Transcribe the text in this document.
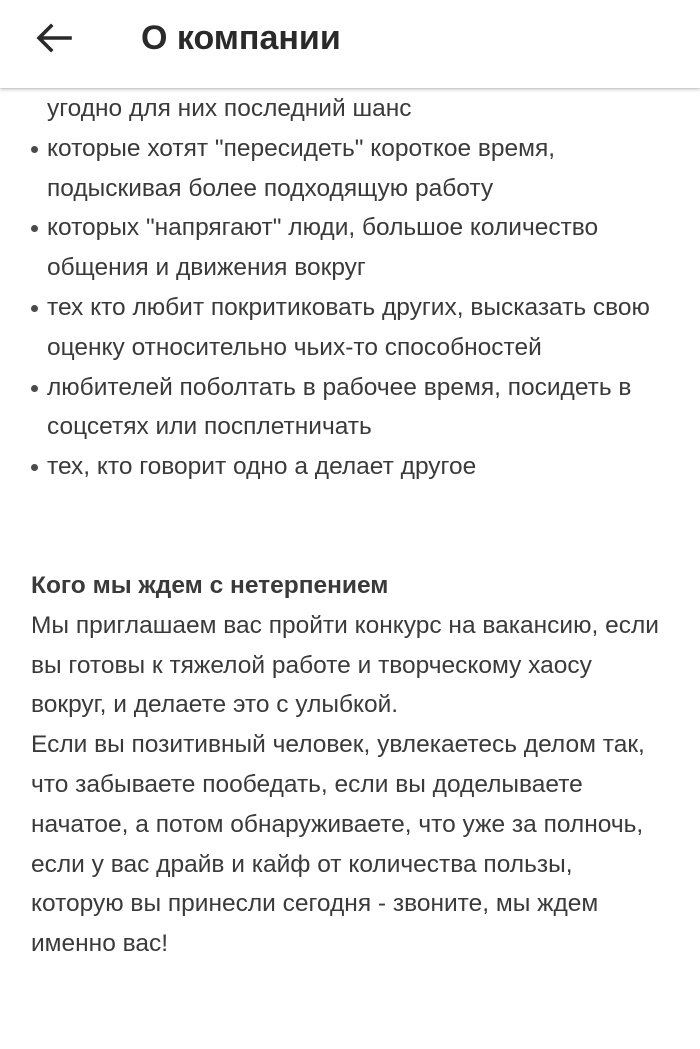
О компании
угодно для них последний шанс
которые хотят "пересидеть" короткое время, подыскивая более подходящую работу
которых "напрягают" люди, большое количество общения и движения вокруг
тех кто любит покритиковать других, высказать свою оценку относительно чьих-то способностей
любителей поболтать в рабочее время, посидеть в соцсетях или посплетничать
тех, кто говорит одно а делает другое

Кого мы ждем с нетерпением

Мы приглашаем вас пройти конкурс на вакансию, если вы готовы к тяжелой работе и творческому хаосу вокруг, и делаете это с улыбкой.

Если вы позитивный человек, увлекаетесь делом так, что забываете пообедать, если вы доделываете начатое, а потом обнаруживаете, что уже за полночь, если у вас драйв и кайф от количества пользы, которую вы принесли сегодня - звоните, мы ждем именно вас!
